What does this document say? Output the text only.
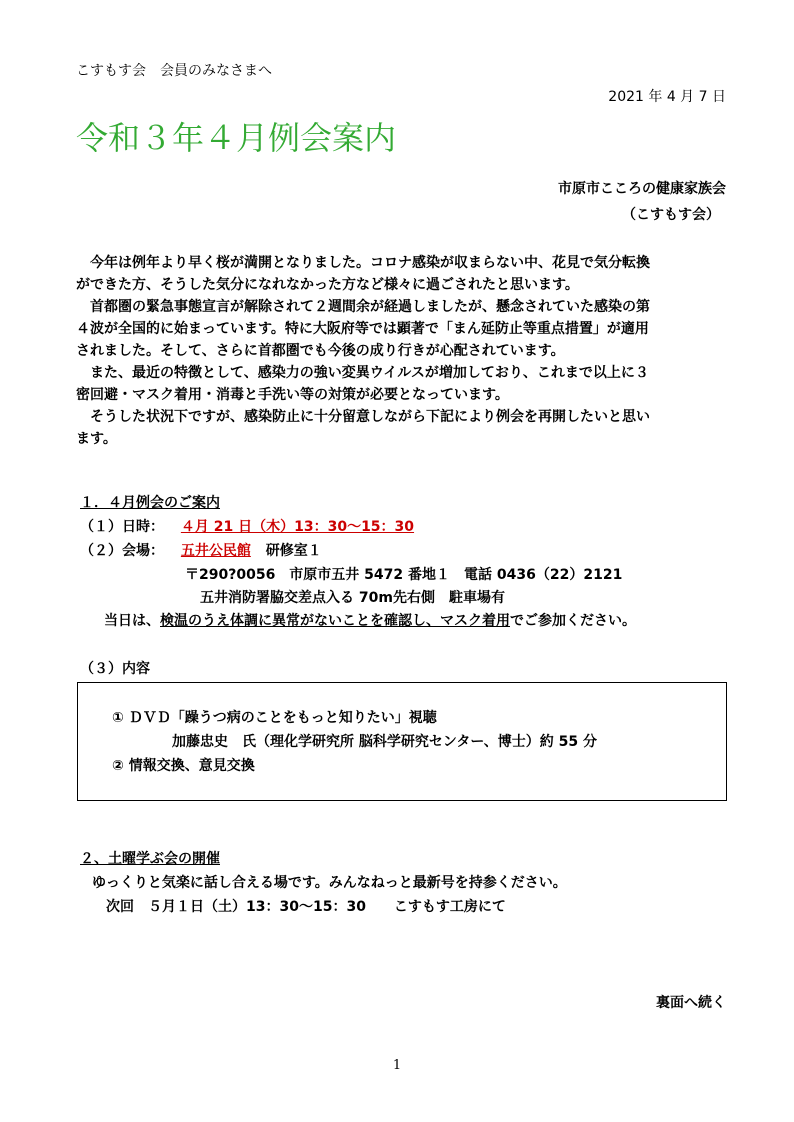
こすもす会　会員のみなさまへ
2021 年 4 月 7 日
令和３年４月例会案内
市原市こころの健康家族会
（こすもす会）
今年は例年より早く桜が満開となりました。コロナ感染が収まらない中、花見で気分転換
ができた方、そうした気分になれなかった方など様々に過ごされたと思います。
首都圏の緊急事態宣言が解除されて２週間余が経過しましたが、懸念されていた感染の第
４波が全国的に始まっています。特に大阪府等では顕著で「まん延防止等重点措置」が適用
されました。そして、さらに首都圏でも今後の成り行きが心配されています。
また、最近の特徴として、感染力の強い変異ウイルスが増加しており、これまで以上に３
密回避・マスク着用・消毒と手洗い等の対策が必要となっています。
そうした状況下ですが、感染防止に十分留意しながら下記により例会を再開したいと思い
ます。
１．４月例会のご案内
（１）日時： ４月 21 日（木）13：30～15：30
（２）会場： 五井公民館 研修室１
〒290?0056　市原市五井 5472 番地１　電話 0436（22）2121
五井消防署脇交差点入る 70m先右側　駐車場有
当日は、検温のうえ体調に異常がないことを確認し、マスク着用でご参加ください。
（３）内容
① ＤＶＤ「躁うつ病のことをもっと知りたい」視聴
加藤忠史　氏（理化学研究所 脳科学研究センター、博士）約 55 分
② 情報交換、意見交換
２、土曜学ぶ会の開催
ゆっくりと気楽に話し合える場です。みんなねっと最新号を持参ください。
次回　５月１日（土）13：30～15：30　　こすもす工房にて
裏面へ続く
1
